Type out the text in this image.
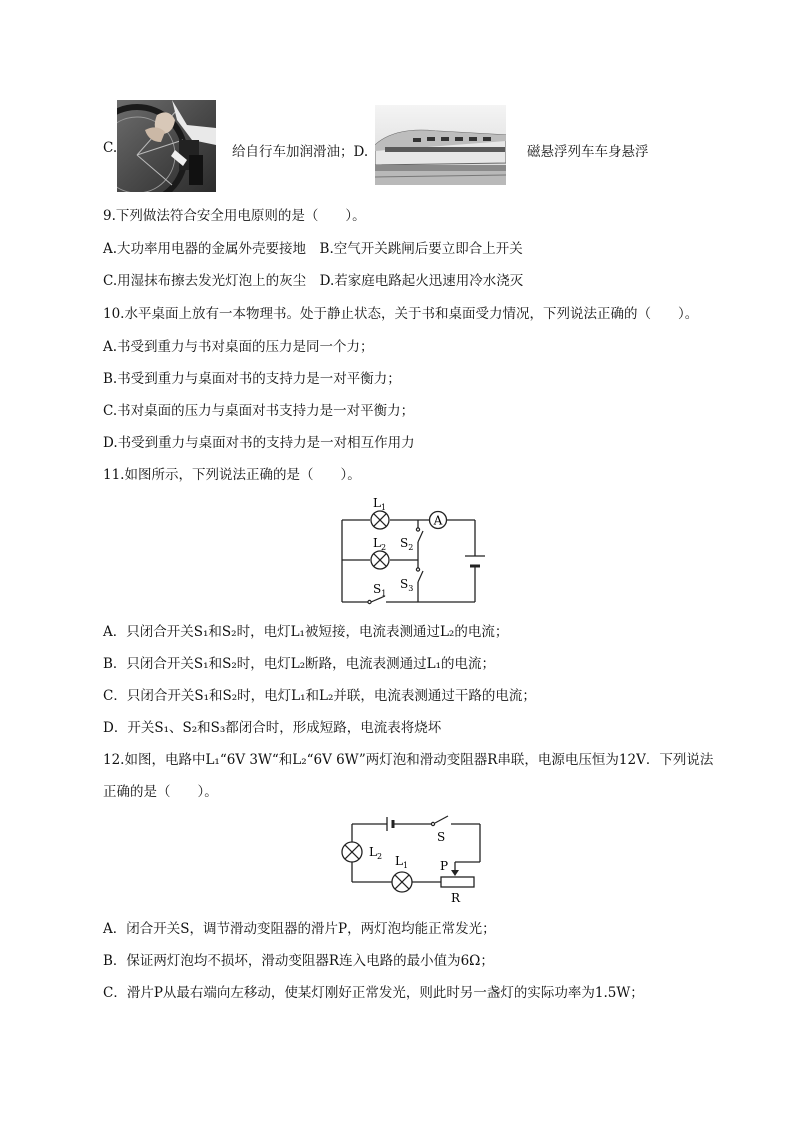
C.	给自行车加润滑油；D.	磁悬浮列车车身悬浮
9.下列做法符合安全用电原则的是（　　）。
A.大功率用电器的金属外壳要接地　B.空气开关跳闸后要立即合上开关
C.用湿抹布擦去发光灯泡上的灰尘　D.若家庭电路起火迅速用冷水浇灭
10.水平桌面上放有一本物理书。处于静止状态，关于书和桌面受力情况，下列说法正确的（　　）。
A.书受到重力与书对桌面的压力是同一个力；
B.书受到重力与桌面对书的支持力是一对平衡力；
C.书对桌面的压力与桌面对书支持力是一对平衡力；
D.书受到重力与桌面对书的支持力是一对相互作用力
11.如图所示，下列说法正确的是（　　）。
A
$L_1$
$L_2$ $S_2$
$S_3$
$S_1$
A．只闭合开关S₁和S₂时，电灯L₁被短接，电流表测通过L₂的电流；
B．只闭合开关S₁和S₂时，电灯L₂断路，电流表测通过L₁的电流；
C．只闭合开关S₁和S₂时，电灯L₁和L₂并联，电流表测通过干路的电流；
D．开关S₁、S₂和S₃都闭合时，形成短路，电流表将烧坏
12.如图，电路中L₁“6V 3W“和L₂“6V 6W”两灯泡和滑动变阻器R串联，电源电压恒为12V．下列说法
正确的是（　　）。
S
$L_2$ $L_1$	P
R
A．闭合开关S，调节滑动变阻器的滑片P，两灯泡均能正常发光；
B．保证两灯泡均不损坏，滑动变阻器R连入电路的最小值为6Ω；
C．滑片P从最右端向左移动，使某灯刚好正常发光，则此时另一盏灯的实际功率为1.5W；
